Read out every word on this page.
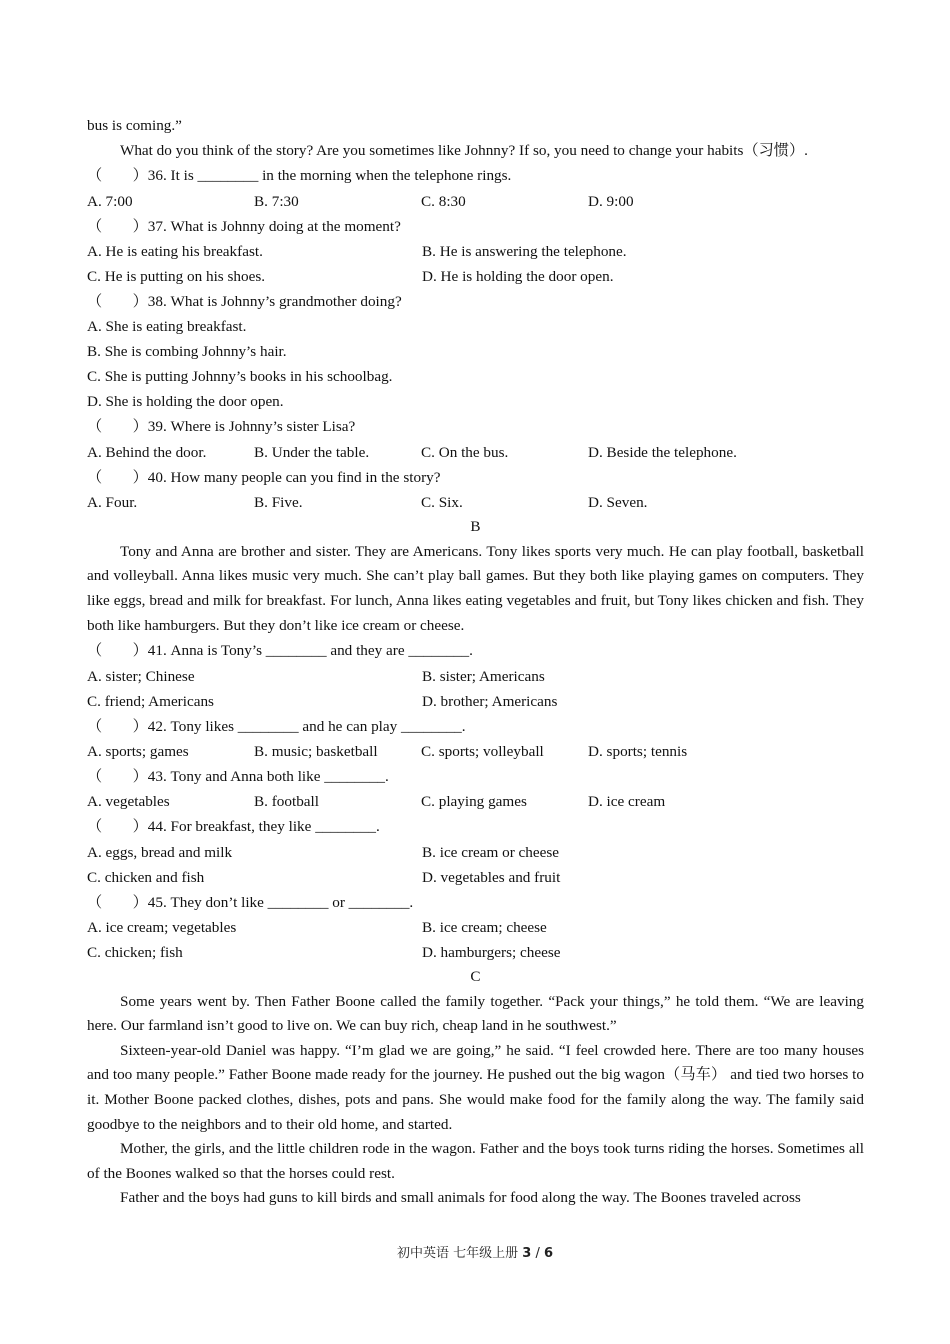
bus is coming.”
What do you think of the story? Are you sometimes like Johnny? If so, you need to change your habits（习惯）.
（　　）36. It is ________ in the morning when the telephone rings.
A. 7:00	B. 7:30	C. 8:30	D. 9:00
（　　）37. What is Johnny doing at the moment?
A. He is eating his breakfast.	B. He is answering the telephone.
C. He is putting on his shoes.	D. He is holding the door open.
（　　）38. What is Johnny’s grandmother doing?
A. She is eating breakfast.
B. She is combing Johnny’s hair.
C. She is putting Johnny’s books in his schoolbag.
D. She is holding the door open.
（　　）39. Where is Johnny’s sister Lisa?
A. Behind the door.	B. Under the table.	C. On the bus.	D. Beside the telephone.
（　　）40. How many people can you find in the story?
A. Four.	B. Five.	C. Six.	D. Seven.
B
Tony and Anna are brother and sister. They are Americans. Tony likes sports very much. He can play football, basketball and volleyball. Anna likes music very much. She can’t play ball games. But they both like playing games on computers. They like eggs, bread and milk for breakfast. For lunch, Anna likes eating vegetables and fruit, but Tony likes chicken and fish. They both like hamburgers. But they don’t like ice cream or cheese.
（　　）41. Anna is Tony’s ________ and they are ________.
A. sister; Chinese	B. sister; Americans
C. friend; Americans	D. brother; Americans
（　　）42. Tony likes ________ and he can play ________.
A. sports; games	B. music; basketball	C. sports; volleyball	D. sports; tennis
（　　）43. Tony and Anna both like ________.
A. vegetables	B. football	C. playing games	D. ice cream
（　　）44. For breakfast, they like ________.
A. eggs, bread and milk	B. ice cream or cheese
C. chicken and fish	D. vegetables and fruit
（　　）45. They don’t like ________ or ________.
A. ice cream; vegetables	B. ice cream; cheese
C. chicken; fish	D. hamburgers; cheese
C
Some years went by. Then Father Boone called the family together. “Pack your things,” he told them. “We are leaving here. Our farmland isn’t good to live on. We can buy rich, cheap land in he southwest.”
Sixteen-year-old Daniel was happy. “I’m glad we are going,” he said. “I feel crowded here. There are too many houses and too many people.” Father Boone made ready for the journey. He pushed out the big wagon（马车） and tied two horses to it. Mother Boone packed clothes, dishes, pots and pans. She would make food for the family along the way. The family said goodbye to the neighbors and to their old home, and started.
Mother, the girls, and the little children rode in the wagon. Father and the boys took turns riding the horses. Sometimes all of the Boones walked so that the horses could rest.
Father and the boys had guns to kill birds and small animals for food along the way. The Boones traveled across
初中英语 七年级上册 3 / 6
